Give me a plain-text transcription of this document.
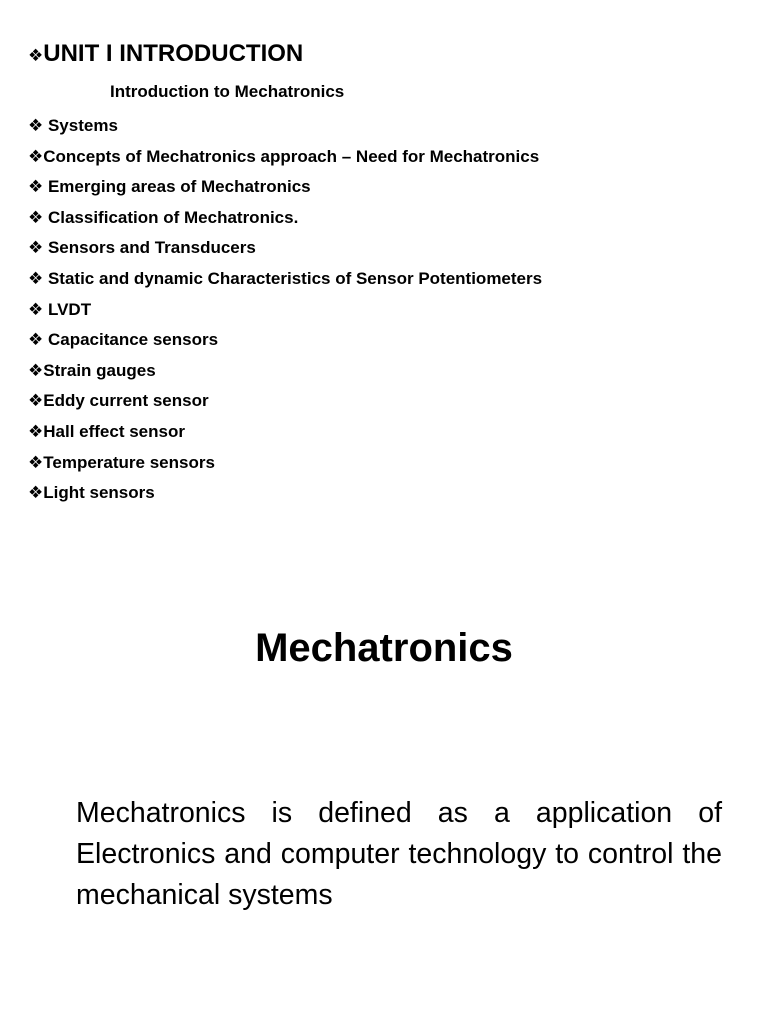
❖UNIT I INTRODUCTION
Introduction to Mechatronics
❖ Systems
❖Concepts of Mechatronics approach – Need for Mechatronics
❖ Emerging areas of Mechatronics
❖ Classification of Mechatronics.
❖ Sensors and Transducers
❖ Static and dynamic Characteristics of Sensor Potentiometers
❖ LVDT
❖ Capacitance sensors
❖Strain gauges
❖Eddy current sensor
❖Hall effect sensor
❖Temperature sensors
❖Light sensors
Mechatronics

Mechatronics is defined as a application of Electronics and computer technology to control the mechanical systems
